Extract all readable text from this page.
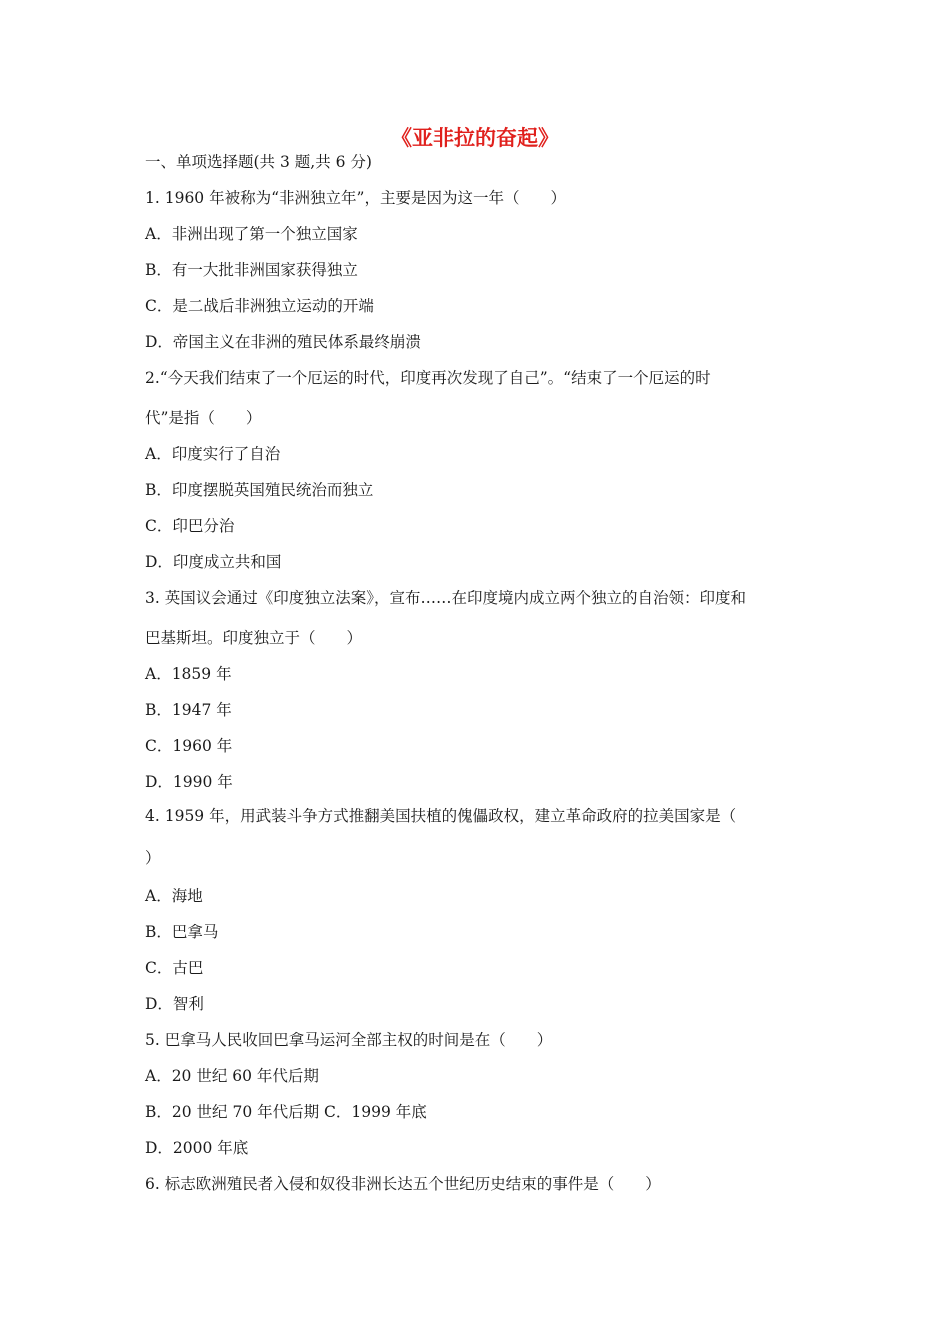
《亚非拉的奋起》
一、单项选择题(共 3 题,共 6 分)
1. 1960 年被称为“非洲独立年”，主要是因为这一年（　　）
A．非洲出现了第一个独立国家
B．有一大批非洲国家获得独立
C．是二战后非洲独立运动的开端
D．帝国主义在非洲的殖民体系最终崩溃
2.“今天我们结束了一个厄运的时代，印度再次发现了自己”。“结束了一个厄运的时
代”是指（　　）
A．印度实行了自治
B．印度摆脱英国殖民统治而独立
C．印巴分治
D．印度成立共和国
3. 英国议会通过《印度独立法案》，宣布……在印度境内成立两个独立的自治领：印度和
巴基斯坦。印度独立于（　　）
A．1859 年
B．1947 年
C．1960 年
D．1990 年
4. 1959 年，用武装斗争方式推翻美国扶植的傀儡政权，建立革命政府的拉美国家是（
）
A．海地
B．巴拿马
C．古巴
D．智利
5. 巴拿马人民收回巴拿马运河全部主权的时间是在（　　）
A．20 世纪 60 年代后期
B．20 世纪 70 年代后期 C．1999 年底
D．2000 年底
6. 标志欧洲殖民者入侵和奴役非洲长达五个世纪历史结束的事件是（　　）
